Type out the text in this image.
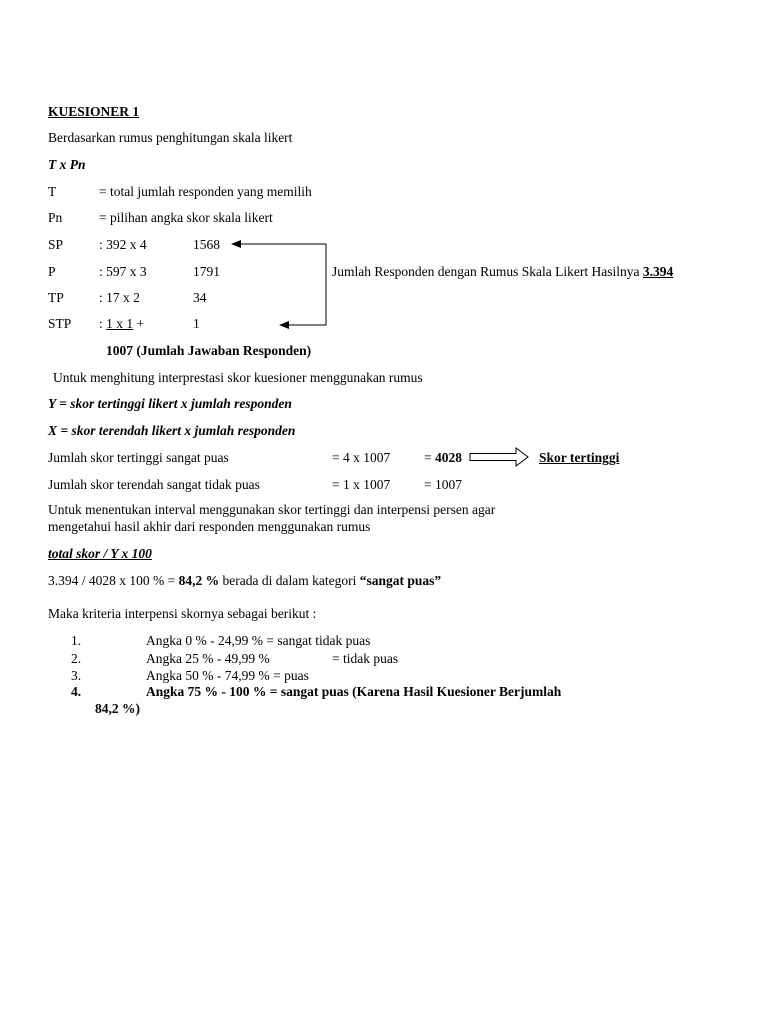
KUESIONER 1
Berdasarkan rumus penghitungan skala likert
T x Pn
T	= total jumlah responden yang memilih
Pn	= pilihan angka skor skala likert
SP	: 392 x 4	1568
P	: 597 x 3	1791
TP	: 17 x 2	34
STP : 1 x 1 +	1
Jumlah Responden dengan Rumus Skala Likert Hasilnya 3.394
1007 (Jumlah Jawaban Responden)
Untuk menghitung interprestasi skor kuesioner menggunakan rumus
Y = skor tertinggi likert x jumlah responden
X = skor terendah likert x jumlah responden
Jumlah skor tertinggi sangat puas	= 4 x 1007	= 4028	Skor tertinggi
Jumlah skor terendah sangat tidak puas	= 1 x 1007	= 1007
Untuk menentukan interval menggunakan skor tertinggi dan interpensi persen agar
mengetahui hasil akhir dari responden menggunakan rumus
total skor / Y x 100
3.394 / 4028 x 100 % = 84,2 % berada di dalam kategori “sangat puas”
Maka kriteria interpensi skornya sebagai berikut :
1.	Angka 0 % - 24,99 % = sangat tidak puas
2.	Angka 25 % - 49,99 %	= tidak puas
3.	Angka 50 % - 74,99 % = puas
4.	Angka 75 % - 100 % = sangat puas (Karena Hasil Kuesioner Berjumlah
84,2 %)
